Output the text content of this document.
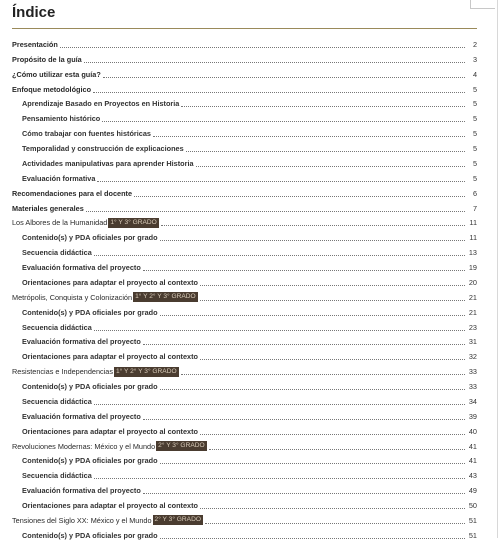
Índice
Presentación	2
Propósito de la guía	3
¿Cómo utilizar esta guía?	4
Enfoque metodológico	5
Aprendizaje Basado en Proyectos en Historia	5
Pensamiento histórico	5
Cómo trabajar con fuentes históricas	5
Temporalidad y construcción de explicaciones	5
Actividades manipulativas para aprender Historia	5
Evaluación formativa	5
Recomendaciones para el docente	6
Materiales generales	7
Los Albores de la Humanidad 1° Y 3° GRADO	11
Contenido(s) y PDA oficiales por grado	11
Secuencia didáctica	13
Evaluación formativa del proyecto	19
Orientaciones para adaptar el proyecto al contexto	20
Metrópolis, Conquista y Colonización 1° Y 2° Y 3° GRADO	21
Contenido(s) y PDA oficiales por grado	21
Secuencia didáctica	23
Evaluación formativa del proyecto	31
Orientaciones para adaptar el proyecto al contexto	32
Resistencias e Independencias 1° Y 2° Y 3° GRADO	33
Contenido(s) y PDA oficiales por grado	33
Secuencia didáctica	34
Evaluación formativa del proyecto	39
Orientaciones para adaptar el proyecto al contexto	40
Revoluciones Modernas: México y el Mundo 2° Y 3° GRADO	41
Contenido(s) y PDA oficiales por grado	41
Secuencia didáctica	43
Evaluación formativa del proyecto	49
Orientaciones para adaptar el proyecto al contexto	50
Tensiones del Siglo XX: México y el Mundo 2° Y 3° GRADO	51
Contenido(s) y PDA oficiales por grado	51
